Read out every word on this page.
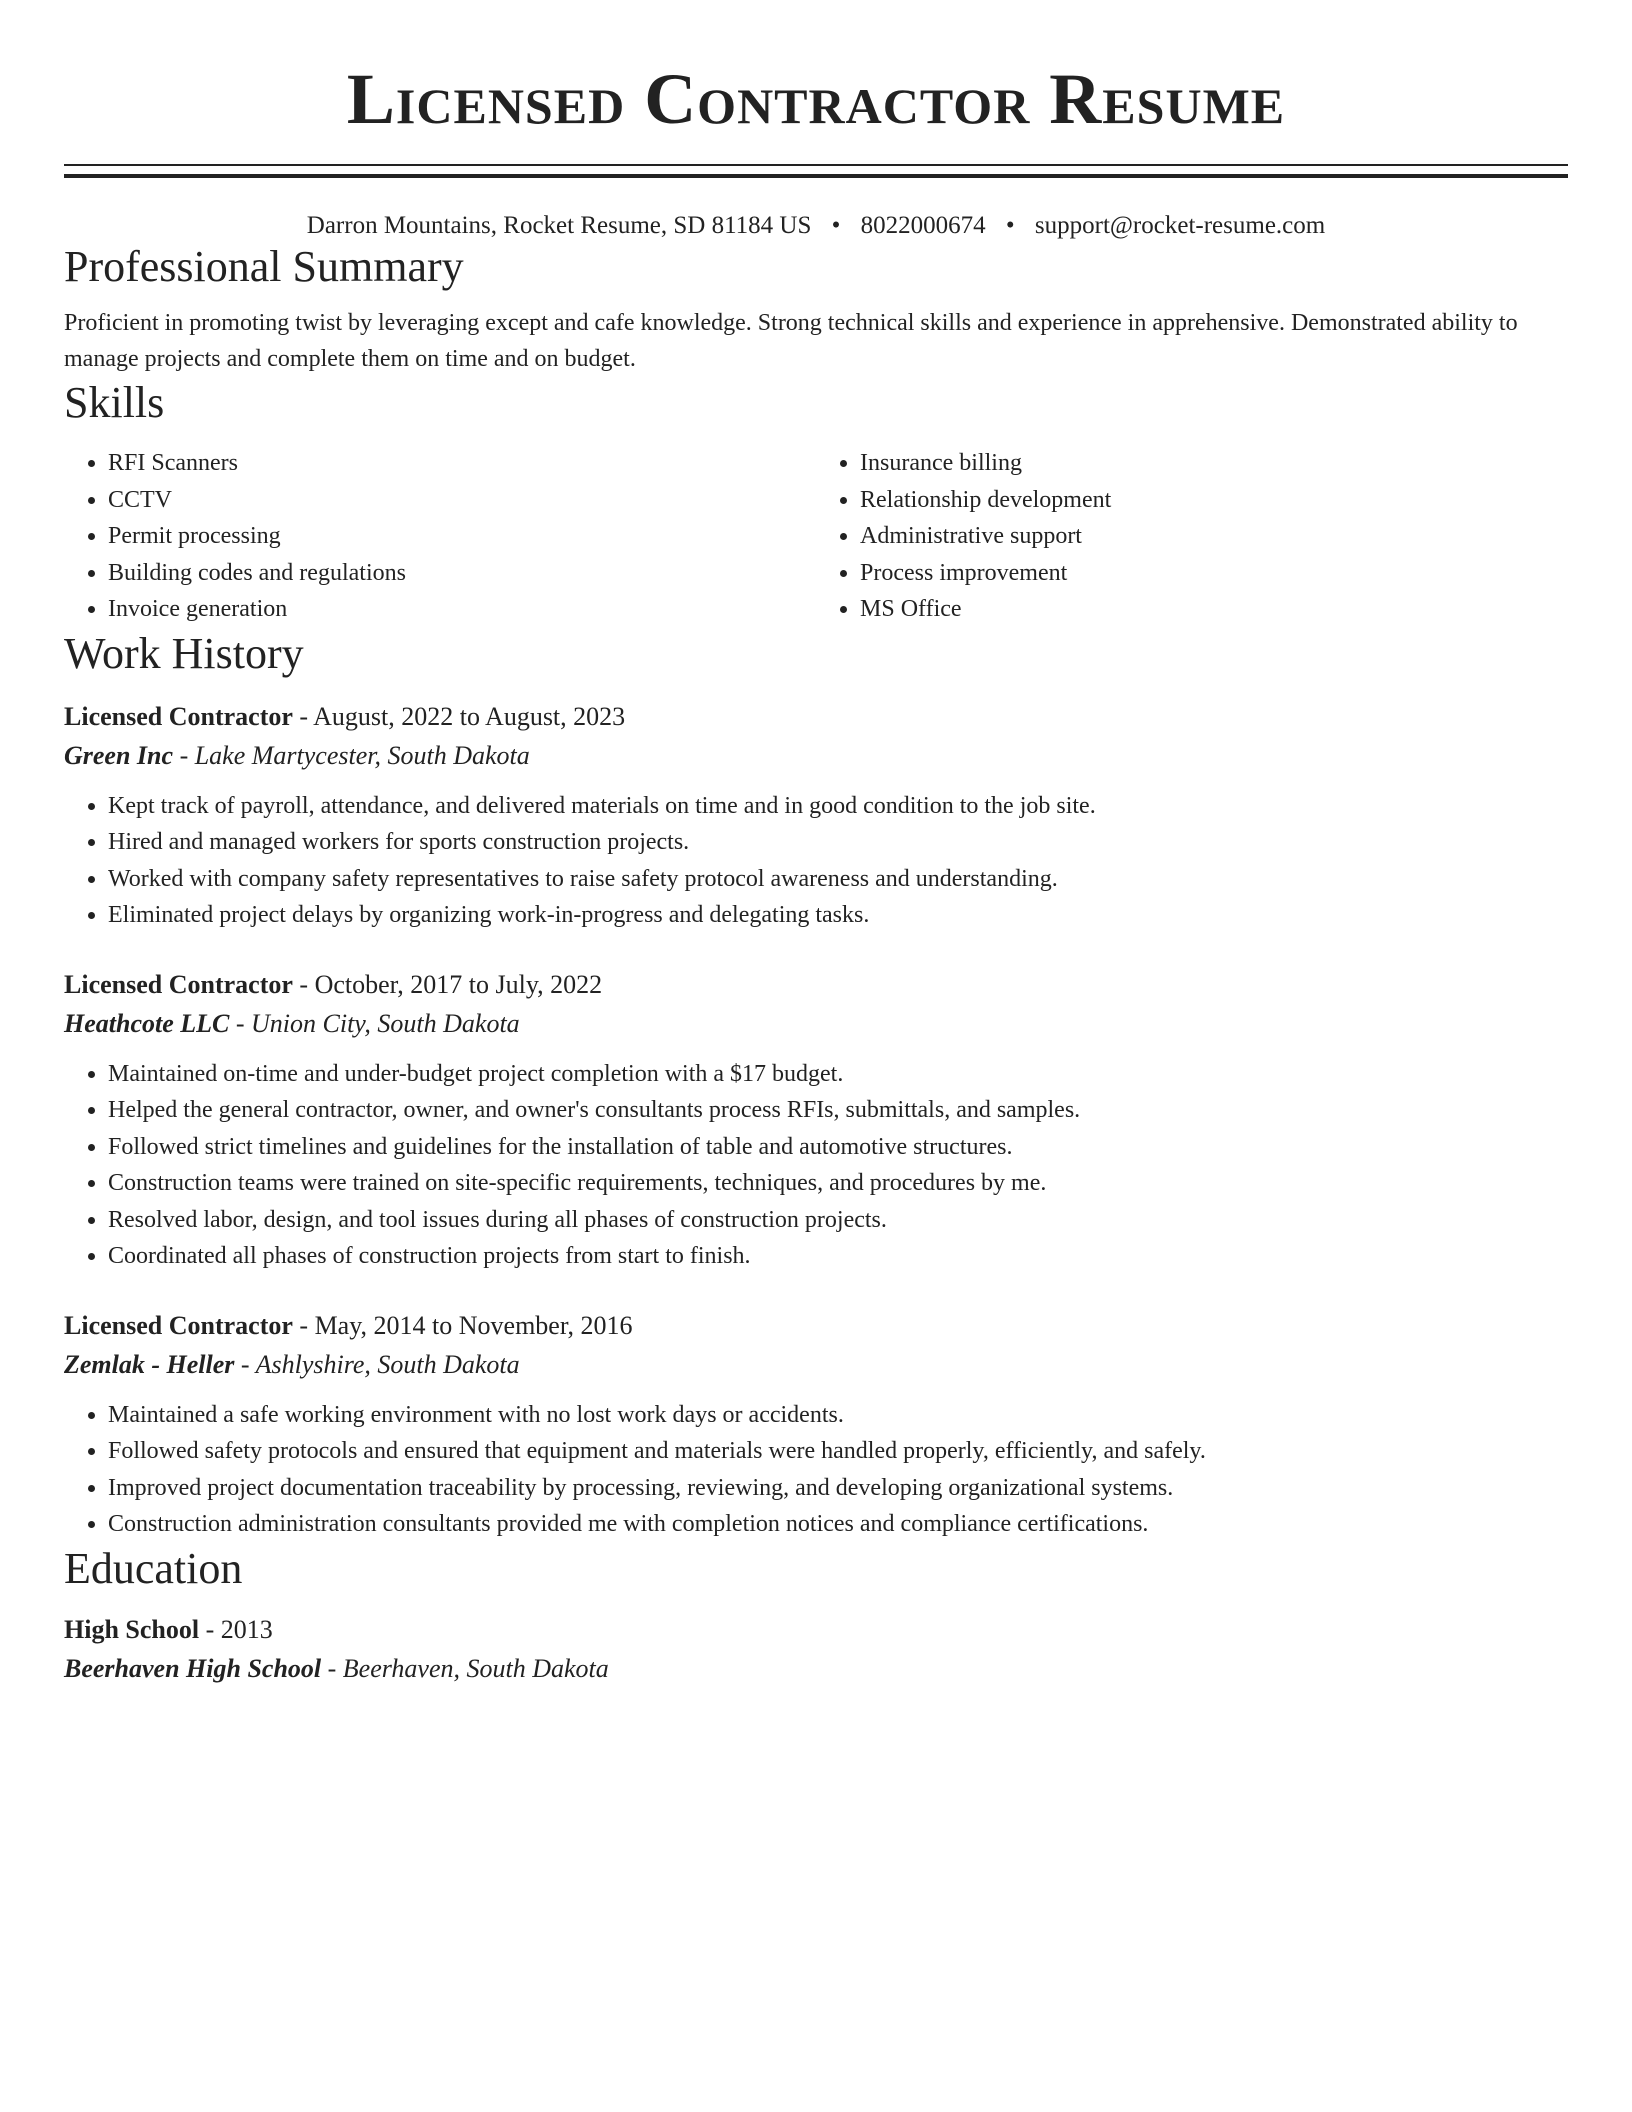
Licensed Contractor Resume
Darron Mountains, Rocket Resume, SD 81184 US • 8022000674 • support@rocket-resume.com
Professional Summary

Proficient in promoting twist by leveraging except and cafe knowledge. Strong technical skills and experience in apprehensive. Demonstrated ability to manage projects and complete them on time and on budget.

Skills
• RFI Scanners
• CCTV
• Permit processing
• Building codes and regulations
• Invoice generation
• Insurance billing
• Relationship development
• Administrative support
• Process improvement
• MS Office
Work History
Licensed Contractor - August, 2022 to August, 2023
Green Inc - Lake Martycester, South Dakota
• Kept track of payroll, attendance, and delivered materials on time and in good condition to the job site.
• Hired and managed workers for sports construction projects.
• Worked with company safety representatives to raise safety protocol awareness and understanding.
• Eliminated project delays by organizing work-in-progress and delegating tasks.
Licensed Contractor - October, 2017 to July, 2022
Heathcote LLC - Union City, South Dakota
• Maintained on-time and under-budget project completion with a $17 budget.
• Helped the general contractor, owner, and owner's consultants process RFIs, submittals, and samples.
• Followed strict timelines and guidelines for the installation of table and automotive structures.
• Construction teams were trained on site-specific requirements, techniques, and procedures by me.
• Resolved labor, design, and tool issues during all phases of construction projects.
• Coordinated all phases of construction projects from start to finish.
Licensed Contractor - May, 2014 to November, 2016
Zemlak - Heller - Ashlyshire, South Dakota
• Maintained a safe working environment with no lost work days or accidents.
• Followed safety protocols and ensured that equipment and materials were handled properly, efficiently, and safely.
• Improved project documentation traceability by processing, reviewing, and developing organizational systems.
• Construction administration consultants provided me with completion notices and compliance certifications.
Education
High School - 2013
Beerhaven High School - Beerhaven, South Dakota
